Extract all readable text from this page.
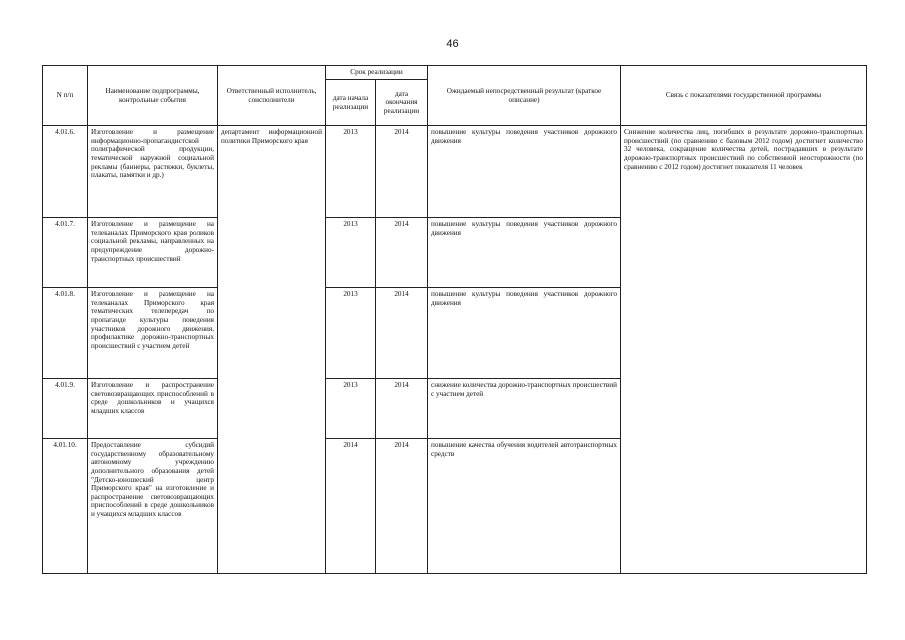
46
N п/п	Наименование подпрограммы, контрольные события	Ответственный исполнитель, соисполнители	Срок реализации		Ожидаемый непосредственный результат (краткое описание)	Связь с показателями государственной программы
			дата начала реализации	дата окончания реализации		
4.01.6.	Изготовление и размещение информационно-пропагандистской полиграфической продукции, тематической наружной социальной рекламы (баннеры, растяжки, буклеты, плакаты, памятки и др.)	департамент информационной политики Приморского края	2013	2014	повышение культуры поведения участников дорожного движения	Снижение количества лиц, погибших в результате дорожно-транспортных происшествий (по сравнению с базовым 2012 годом) достигнет количество 32 человека, сокращение количества детей, пострадавших в результате дорожно-транспортных происшествий по собственной неосторожности (по сравнению с 2012 годом) достигнет показателя 11 человек
4.01.7.	Изготовление и размещение на телеканалах Приморского края роликов социальной рекламы, направленных на предупреждение дорожно-транспортных происшествий		2013	2014	повышение культуры поведения участников дорожного движения	
4.01.8.	Изготовление и размещение на телеканалах Приморского края тематических телепередач по пропаганде культуры поведения участников дорожного движения, профилактике дорожно-транспортных происшествий с участием детей		2013	2014	повышение культуры поведения участников дорожного движения	
4.01.9.	Изготовление и распространение световозвращающих приспособлений в среде дошкольников и учащихся младших классов		2013	2014	снижение количества дорожно-транспортных происшествий с участием детей	
4.01.10.	Предоставление субсидий государственному образовательному автономному учреждению дополнительного образования детей "Детско-юношеский центр Приморского края" на изготовление и распространение световозвращающих приспособлений в среде дошкольников и учащихся младших классов		2014	2014	повышение качества обучения водителей автотранспортных средств	
